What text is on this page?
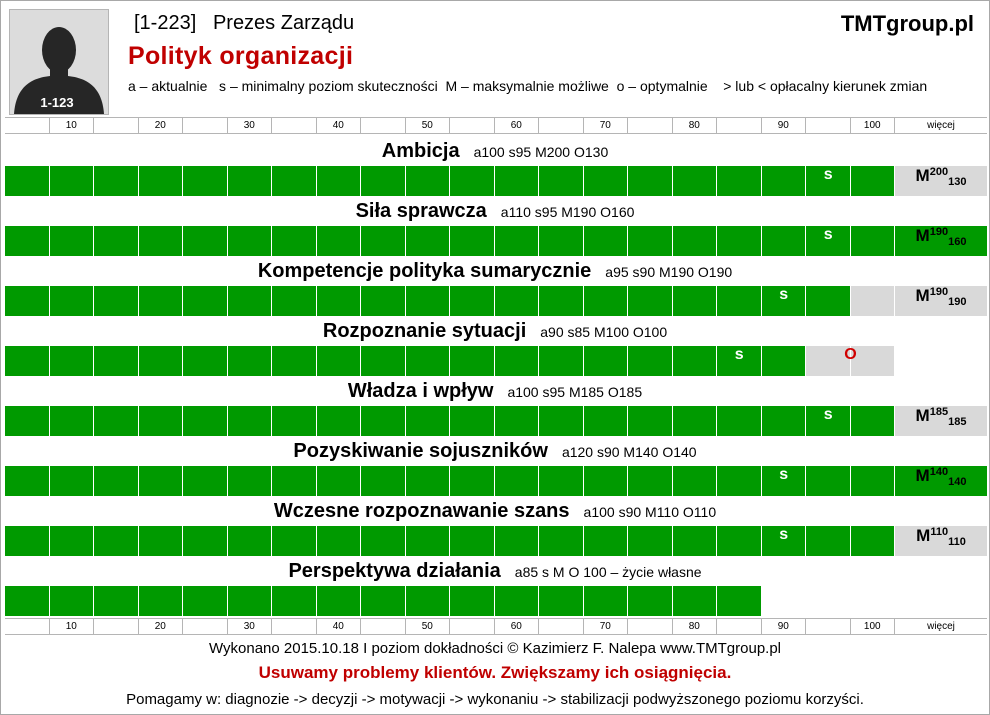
1-123
[1-223] Prezes Zarządu	TMTgroup.pl
Polityk organizacji
a – aktualnie   s – minimalny poziom skuteczności  M – maksymalnie możliwe  o – optymalnie    > lub < opłacalny kierunek zmian
10	20	30	40	50	60	70	80	90	100	więcej
Ambicja a100 s95 M200 O130
s	$M^{200}_{130}$
Siła sprawcza a110 s95 M190 O160
s	$M^{190}_{160}$
Kompetencje polityka sumarycznie a95 s90 M190 O190
s	$M^{190}_{190}$
Rozpoznanie sytuacji a90 s85 M100 O100
s	O
Władza i wpływ a100 s95 M185 O185
s	$M^{185}_{185}$
Pozyskiwanie sojuszników a120 s90 M140 O140
s	$M^{140}_{140}$
Wczesne rozpoznawanie szans a100 s90 M110 O110
s	$M^{110}_{110}$
Perspektywa działania a85 s M O 100 – życie własne
10	20	30	40	50	60	70	80	90	100	więcej
Wykonano 2015.10.18 I poziom dokładności © Kazimierz F. Nalepa www.TMTgroup.pl
Usuwamy problemy klientów. Zwiększamy ich osiągnięcia.
Pomagamy w: diagnozie -> decyzji -> motywacji -> wykonaniu -> stabilizacji podwyższonego poziomu korzyści.
